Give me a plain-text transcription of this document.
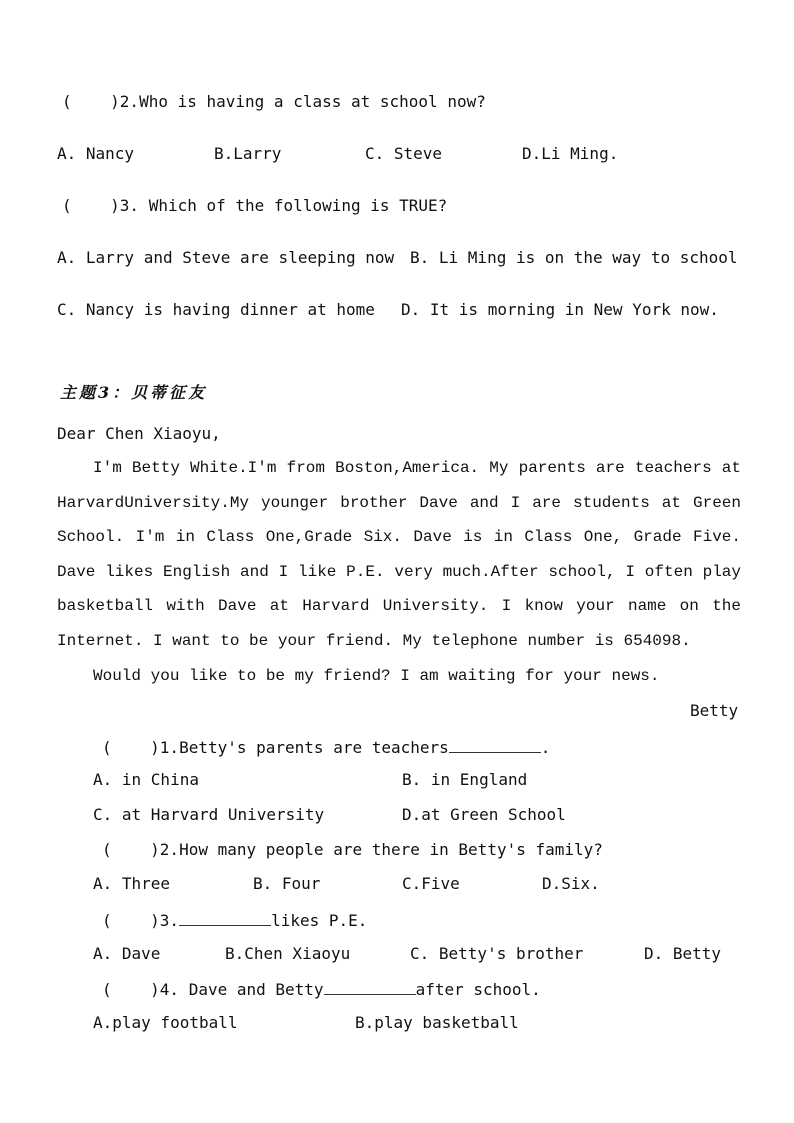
(    )2.Who is having a class at school now?
A. Nancy	B.Larry	C. Steve	D.Li Ming.
(    )3. Which of the following is TRUE?
A. Larry and Steve are sleeping now B. Li Ming is on the way to school
C. Nancy is having dinner at home D. It is morning in New York now.
主题3：贝蒂征友
Dear Chen Xiaoyu,

I'm Betty White.I'm from Boston,America. My parents are teachers at HarvardUniversity.My younger brother Dave and I are students at Green School. I'm in Class One,Grade Six. Dave is in Class One, Grade Five. Dave likes English and I like P.E. very much.After school, I often play basketball with Dave at Harvard University. I know your name on the Internet. I want to be your friend. My telephone number is 654098.

Would you like to be my friend? I am waiting for your news.

Betty
(    )1.Betty's parents are teachers	.
A. in China	B. in England
C. at Harvard University	D.at Green School
(    )2.How many people are there in Betty's family?
A. Three	B. Four	C.Five	D.Six.
(    )3.	likes P.E.
A. Dave	B.Chen Xiaoyu	C. Betty's brother	D. Betty
(    )4. Dave and Betty	after school.
A.play football	B.play basketball
